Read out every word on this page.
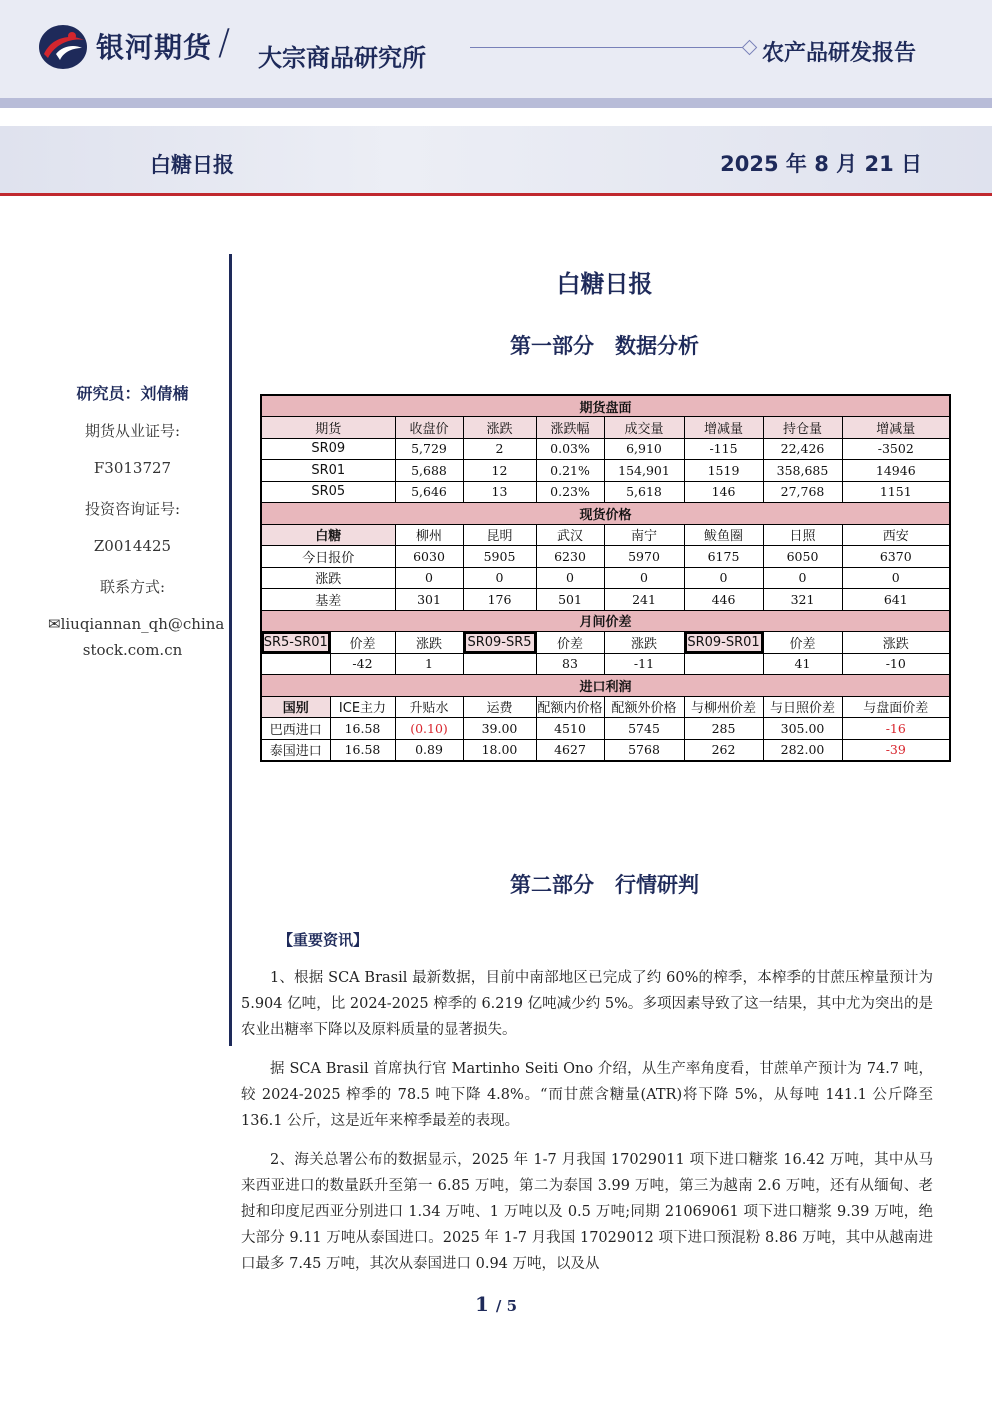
银河期货 / 大宗商品研究所	农产品研发报告
白糖日报	2025 年 8 月 21 日
研究员：刘倩楠
期货从业证号:
F3013727
投资咨询证号:
Z0014425
联系方式:
✉liuqiannan_qh@china
stock.com.cn
白糖日报
第一部分　数据分析
期货盘面								
期货		收盘价	涨跌	涨跌幅	成交量	增减量	持仓量	增减量
SR09		5,729	2	0.03%	6,910	-115	22,426	-3502
SR01		5,688	12	0.21%	154,901	1519	358,685	14946
SR05		5,646	13	0.23%	5,618	146	27,768	1151
现货价格								
白糖		柳州	昆明	武汉	南宁	鲅鱼圈	日照	西安
今日报价		6030	5905	6230	5970	6175	6050	6370
涨跌		0	0	0	0	0	0	0
基差		301	176	501	241	446	321	641
月间价差								
SR5-SR01	价差	涨跌	SR09-SR5	价差	涨跌	SR09-SR01	价差	涨跌
	-42	1		83	-11		41	-10
进口利润								
国别	ICE主力	升贴水	运费	配额内价格	配额外价格	与柳州价差	与日照价差	与盘面价差
巴西进口	16.58	(0.10)	39.00	4510	5745	285	305.00	-16
泰国进口	16.58	0.89	18.00	4627	5768	262	282.00	-39
第二部分　行情研判
【重要资讯】

1、根据 SCA Brasil 最新数据，目前中南部地区已完成了约 60%的榨季，本榨季的甘蔗压榨量预计为 5.904 亿吨，比 2024-2025 榨季的 6.219 亿吨减少约 5%。多项因素导致了这一结果，其中尤为突出的是农业出糖率下降以及原料质量的显著损失。

据 SCA Brasil 首席执行官 Martinho Seiti Ono 介绍，从生产率角度看，甘蔗单产预计为 74.7 吨，较 2024-2025 榨季的 78.5 吨下降 4.8%。“而甘蔗含糖量(ATR)将下降 5%，从每吨 141.1 公斤降至 136.1 公斤，这是近年来榨季最差的表现。

2、海关总署公布的数据显示，2025 年 1-7 月我国 17029011 项下进口糖浆 16.42 万吨，其中从马来西亚进口的数量跃升至第一 6.85 万吨，第二为泰国 3.99 万吨，第三为越南 2.6 万吨，还有从缅甸、老挝和印度尼西亚分别进口 1.34 万吨、1 万吨以及 0.5 万吨;同期 21069061 项下进口糖浆 9.39 万吨，绝大部分 9.11 万吨从泰国进口。2025 年 1-7 月我国 17029012 项下进口预混粉 8.86 万吨，其中从越南进口最多 7.45 万吨，其次从泰国进口 0.94 万吨，以及从

1 / 5
